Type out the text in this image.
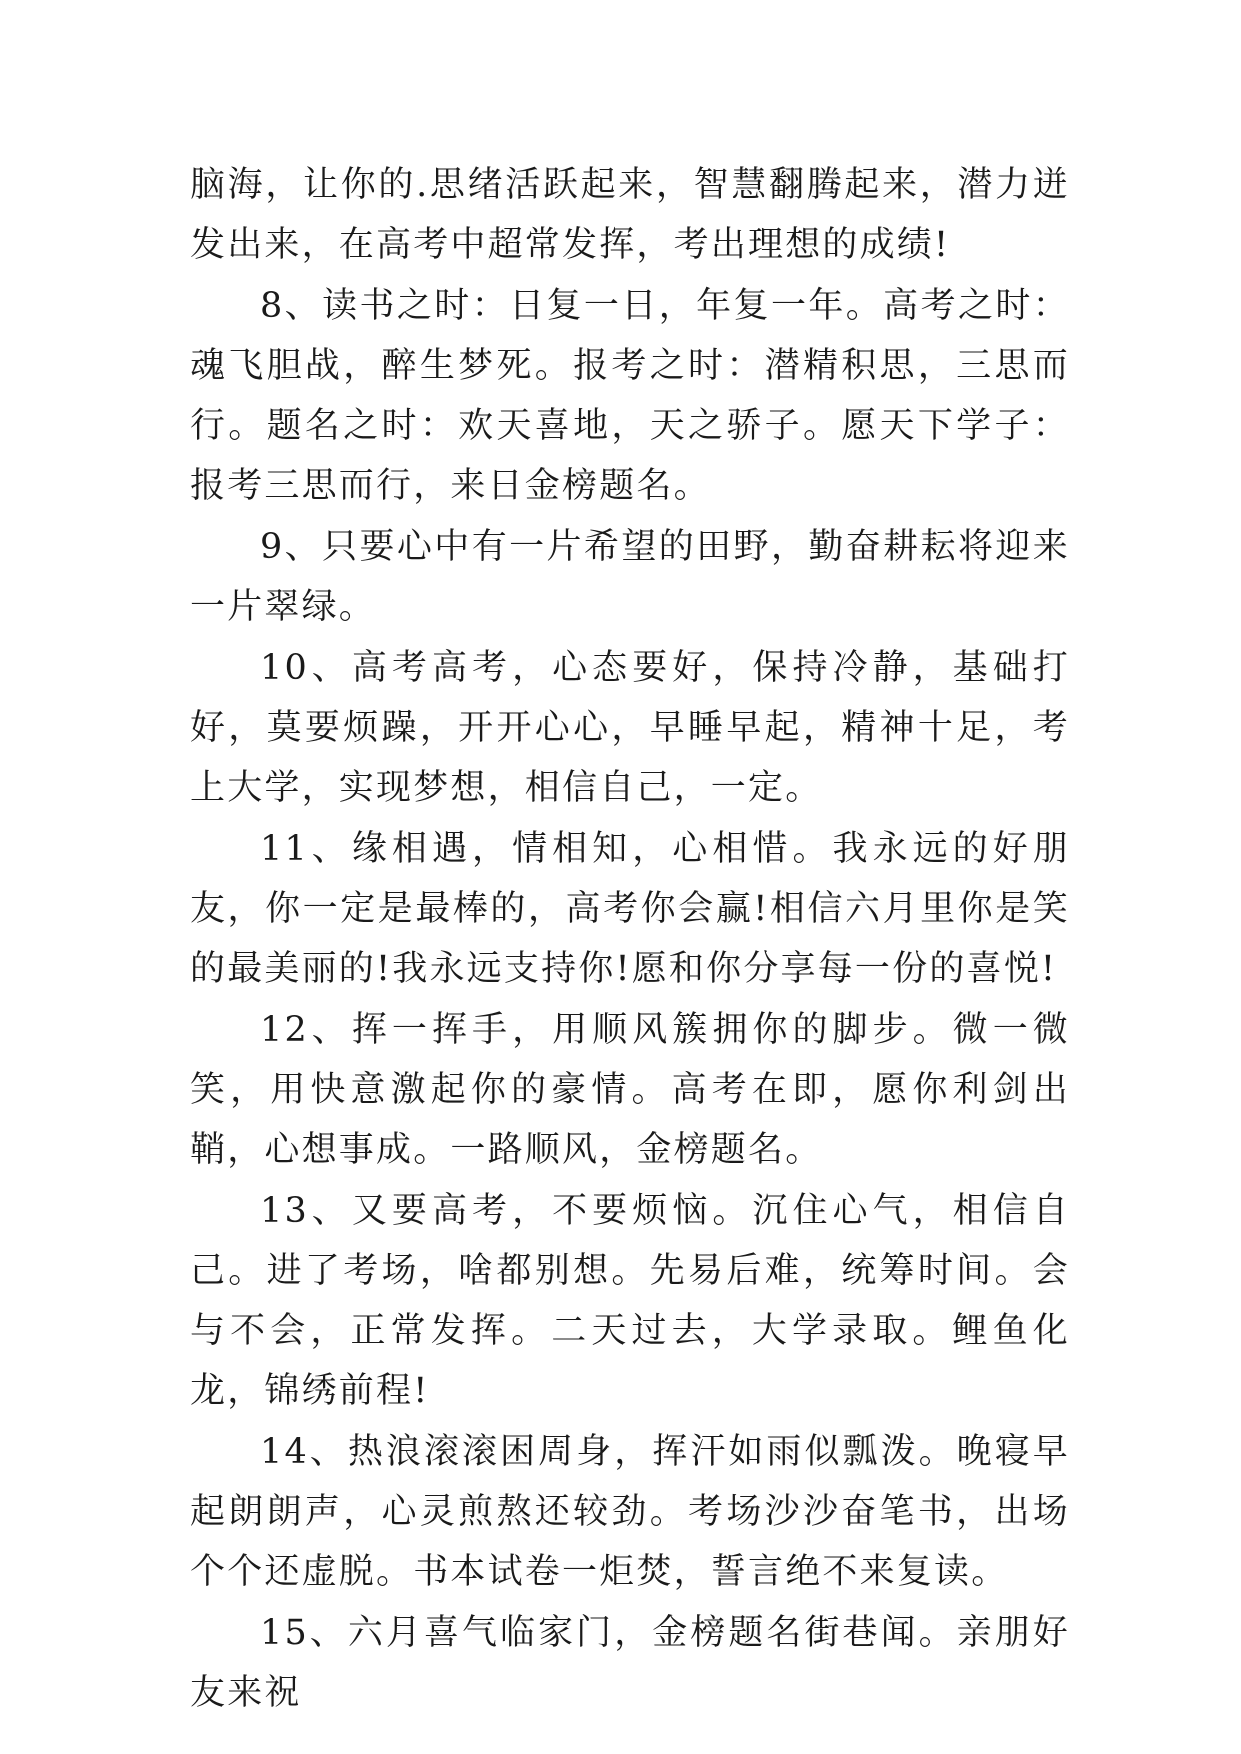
脑海，让你的.思绪活跃起来，智慧翻腾起来，潜力迸发出来，在高考中超常发挥，考出理想的成绩!

8、读书之时：日复一日，年复一年。高考之时：魂飞胆战，醉生梦死。报考之时：潜精积思，三思而行。题名之时：欢天喜地，天之骄子。愿天下学子：报考三思而行，来日金榜题名。

9、只要心中有一片希望的田野，勤奋耕耘将迎来一片翠绿。

10、高考高考，心态要好，保持冷静，基础打好，莫要烦躁，开开心心，早睡早起，精神十足，考上大学，实现梦想，相信自己，一定。

11、缘相遇，情相知，心相惜。我永远的好朋友，你一定是最棒的，高考你会赢!相信六月里你是笑的最美丽的!我永远支持你!愿和你分享每一份的喜悦!

12、挥一挥手，用顺风簇拥你的脚步。微一微笑，用快意激起你的豪情。高考在即，愿你利剑出鞘，心想事成。一路顺风，金榜题名。

13、又要高考，不要烦恼。沉住心气，相信自己。进了考场，啥都别想。先易后难，统筹时间。会与不会，正常发挥。二天过去，大学录取。鲤鱼化龙，锦绣前程!

14、热浪滚滚困周身，挥汗如雨似瓢泼。晚寝早起朗朗声，心灵煎熬还较劲。考场沙沙奋笔书，出场个个还虚脱。书本试卷一炬焚，誓言绝不来复读。

15、六月喜气临家门，金榜题名街巷闻。亲朋好友来祝
